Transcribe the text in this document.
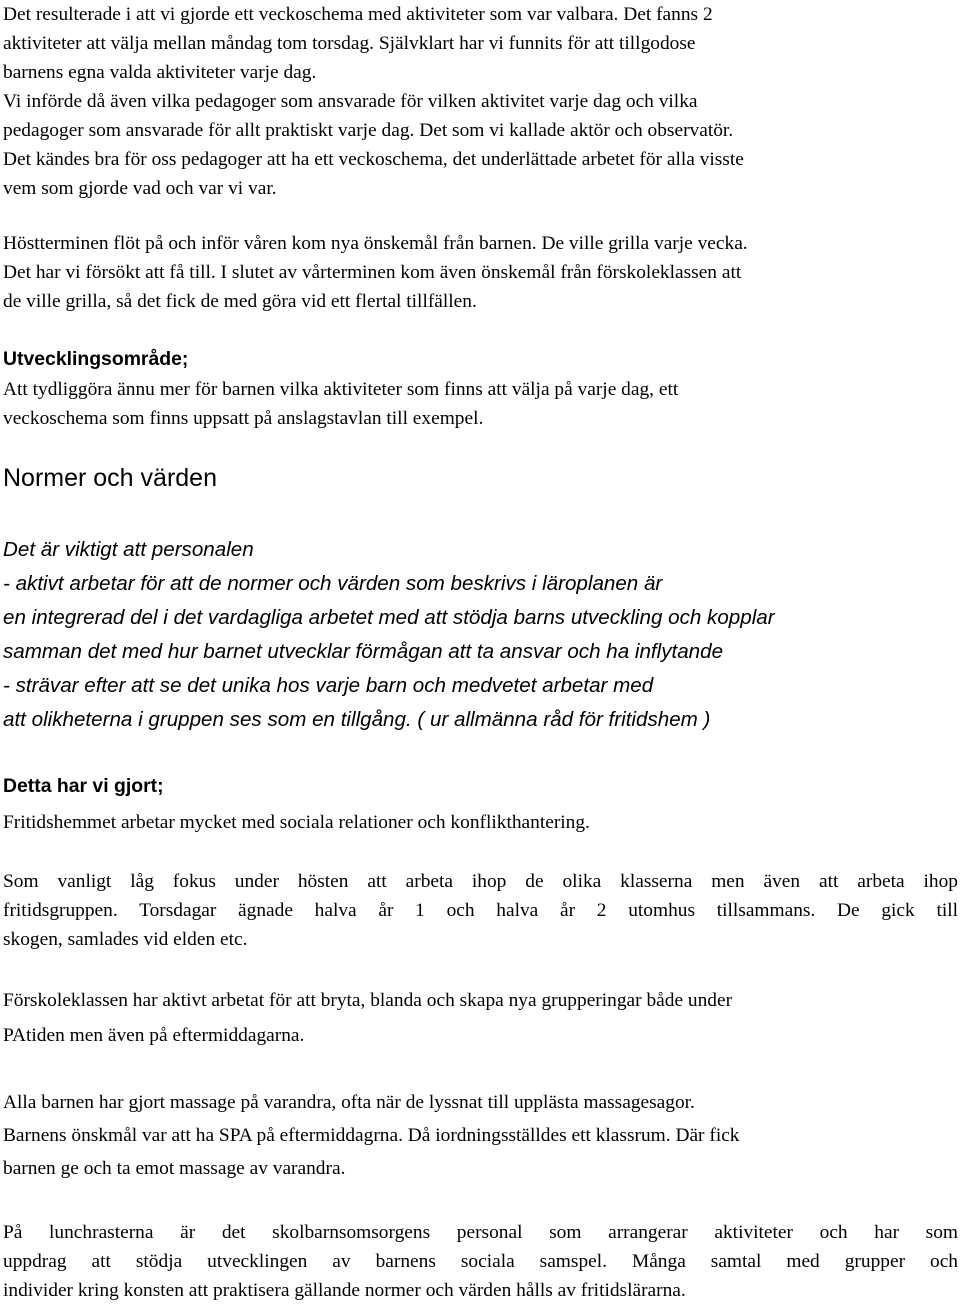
Det resulterade i att vi gjorde ett veckoschema med aktiviteter som var valbara. Det fanns 2
aktiviteter att välja mellan måndag tom torsdag. Självklart har vi funnits för att tillgodose
barnens egna valda aktiviteter varje dag.
Vi införde då även vilka pedagoger som ansvarade för vilken aktivitet varje dag och vilka
pedagoger som ansvarade för allt praktiskt varje dag. Det som vi kallade aktör och observatör.
Det kändes bra för oss pedagoger att ha ett veckoschema, det underlättade arbetet för alla visste
vem som gjorde vad och var vi var.
Höstterminen flöt på och inför våren kom nya önskemål från barnen. De ville grilla varje vecka.
Det har vi försökt att få till. I slutet av vårterminen kom även önskemål från förskoleklassen att
de ville grilla, så det fick de med göra vid ett flertal tillfällen.
Utvecklingsområde;
Att tydliggöra ännu mer för barnen vilka aktiviteter som finns att välja på varje dag, ett
veckoschema som finns uppsatt på anslagstavlan till exempel.
Normer och värden
Det är viktigt att personalen
- aktivt arbetar för att de normer och värden som beskrivs i läroplanen är
en integrerad del i det vardagliga arbetet med att stödja barns utveckling och kopplar
samman det med hur barnet utvecklar förmågan att ta ansvar och ha inflytande
- strävar efter att se det unika hos varje barn och medvetet arbetar med
att olikheterna i gruppen ses som en tillgång. ( ur allmänna råd för fritidshem )
Detta har vi gjort;
Fritidshemmet arbetar mycket med sociala relationer och konflikthantering.
Som vanligt låg fokus under hösten att arbeta ihop de olika klasserna men även att arbeta ihop
fritidsgruppen. Torsdagar ägnade halva år 1 och halva år 2 utomhus tillsammans. De gick till
skogen, samlades vid elden etc.
Förskoleklassen har aktivt arbetat för att bryta, blanda och skapa nya grupperingar både under
PAtiden men även på eftermiddagarna.
Alla barnen har gjort massage på varandra, ofta när de lyssnat till upplästa massagesagor.
Barnens önskmål var att ha SPA på eftermiddagrna. Då iordningsställdes ett klassrum. Där fick
barnen ge och ta emot massage av varandra.
På lunchrasterna är det skolbarnsomsorgens personal som arrangerar aktiviteter och har som
uppdrag att stödja utvecklingen av barnens sociala samspel. Många samtal med grupper och
individer kring konsten att praktisera gällande normer och värden hålls av fritidslärarna.
